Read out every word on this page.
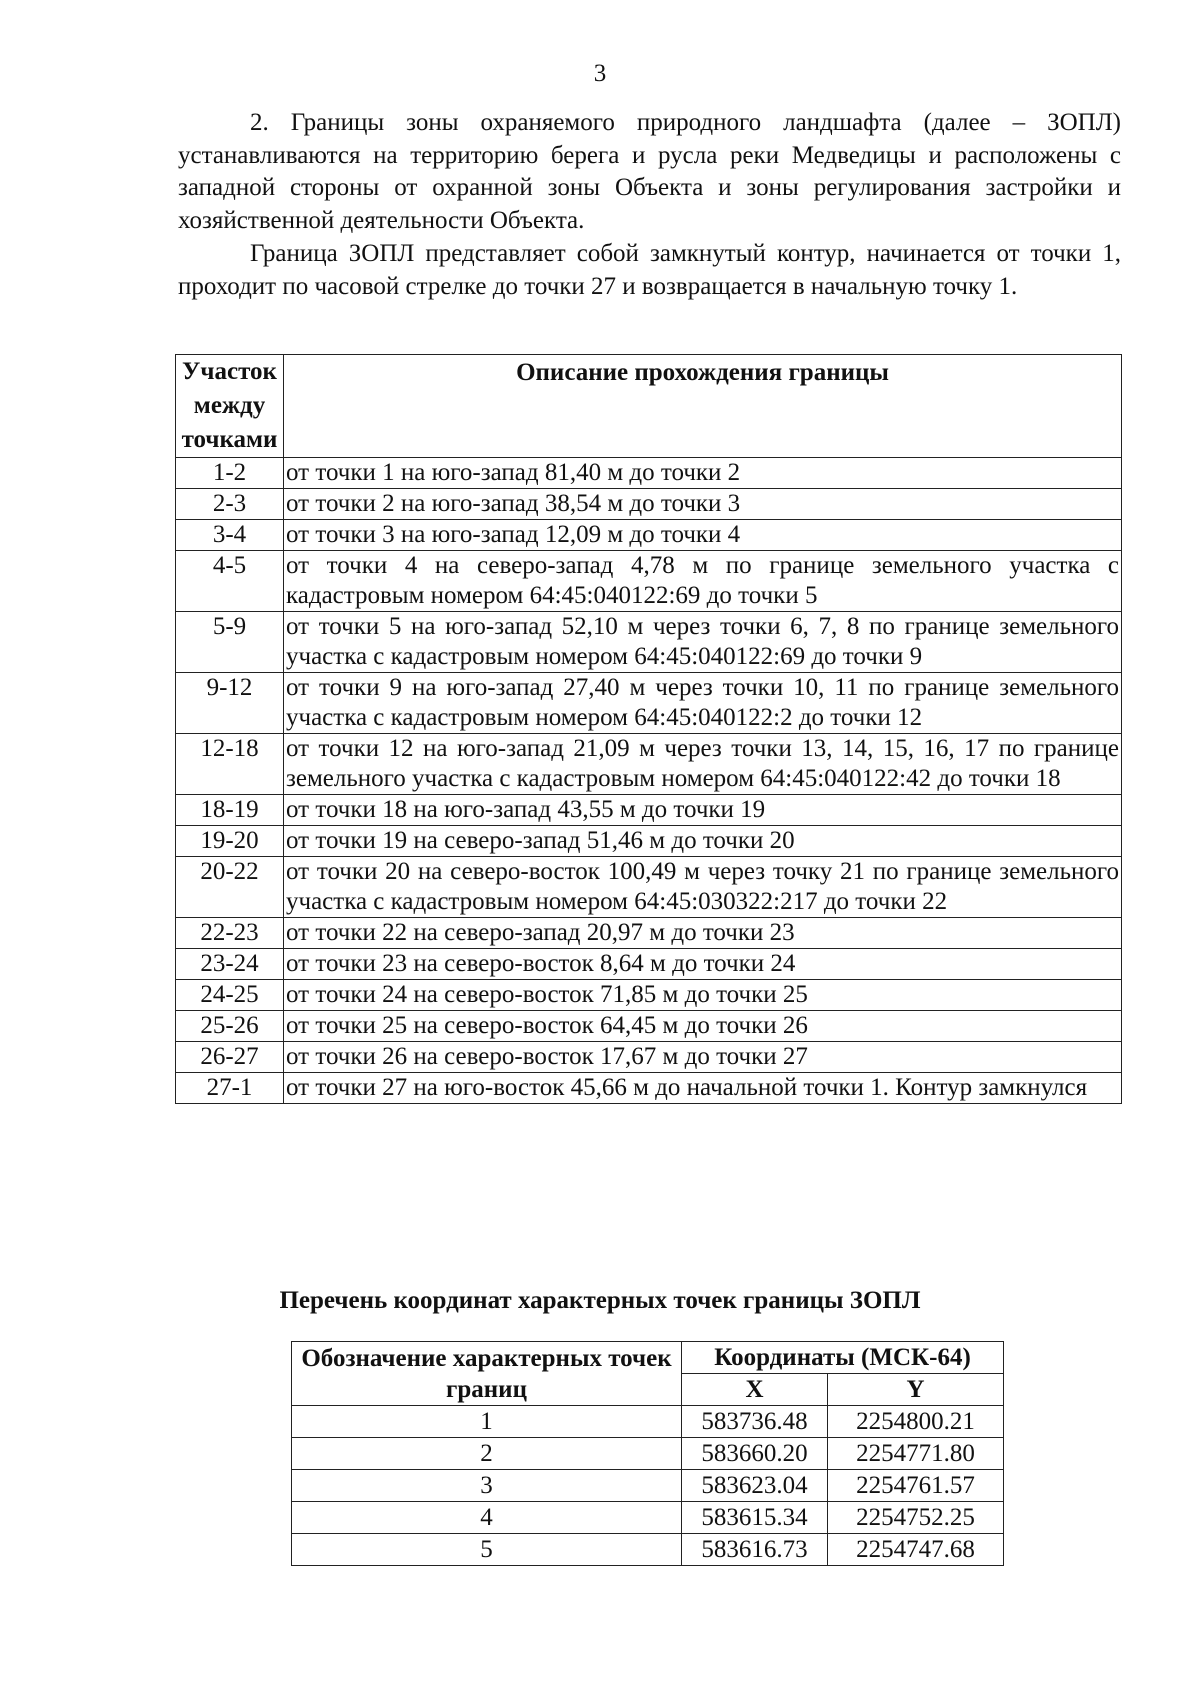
3

2. Границы зоны охраняемого природного ландшафта (далее – ЗОПЛ) устанавливаются на территорию берега и русла реки Медведицы и расположены с западной стороны от охранной зоны Объекта и зоны регулирования застройки и хозяйственной деятельности Объекта.

Граница ЗОПЛ представляет собой замкнутый контур, начинается от точки 1, проходит по часовой стрелке до точки 27 и возвращается в начальную точку 1.

Участок между точками	Описание прохождения границы
1-2	от точки 1 на юго-запад 81,40 м до точки 2
2-3	от точки 2 на юго-запад 38,54 м до точки 3
3-4	от точки 3 на юго-запад 12,09 м до точки 4
4-5	от точки 4 на северо-запад 4,78 м по границе земельного участка с кадастровым номером 64:45:040122:69 до точки 5
5-9	от точки 5 на юго-запад 52,10 м через точки 6, 7, 8 по границе земельного участка с кадастровым номером 64:45:040122:69 до точки 9
9-12	от точки 9 на юго-запад 27,40 м через точки 10, 11 по границе земельного участка с кадастровым номером 64:45:040122:2 до точки 12
12-18	от точки 12 на юго-запад 21,09 м через точки 13, 14, 15, 16, 17 по границе земельного участка с кадастровым номером 64:45:040122:42 до точки 18
18-19	от точки 18 на юго-запад 43,55 м до точки 19
19-20	от точки 19 на северо-запад 51,46 м до точки 20
20-22	от точки 20 на северо-восток 100,49 м через точку 21 по границе земельного участка с кадастровым номером 64:45:030322:217 до точки 22
22-23	от точки 22 на северо-запад 20,97 м до точки 23
23-24	от точки 23 на северо-восток 8,64 м до точки 24
24-25	от точки 24 на северо-восток 71,85 м до точки 25
25-26	от точки 25 на северо-восток 64,45 м до точки 26
26-27	от точки 26 на северо-восток 17,67 м до точки 27
27-1	от точки 27 на юго-восток 45,66 м до начальной точки 1. Контур замкнулся
Перечень координат характерных точек границы ЗОПЛ
Обозначение характерных точек границ	Координаты (МСК-64)	
	X	Y
1	583736.48	2254800.21
2	583660.20	2254771.80
3	583623.04	2254761.57
4	583615.34	2254752.25
5	583616.73	2254747.68
